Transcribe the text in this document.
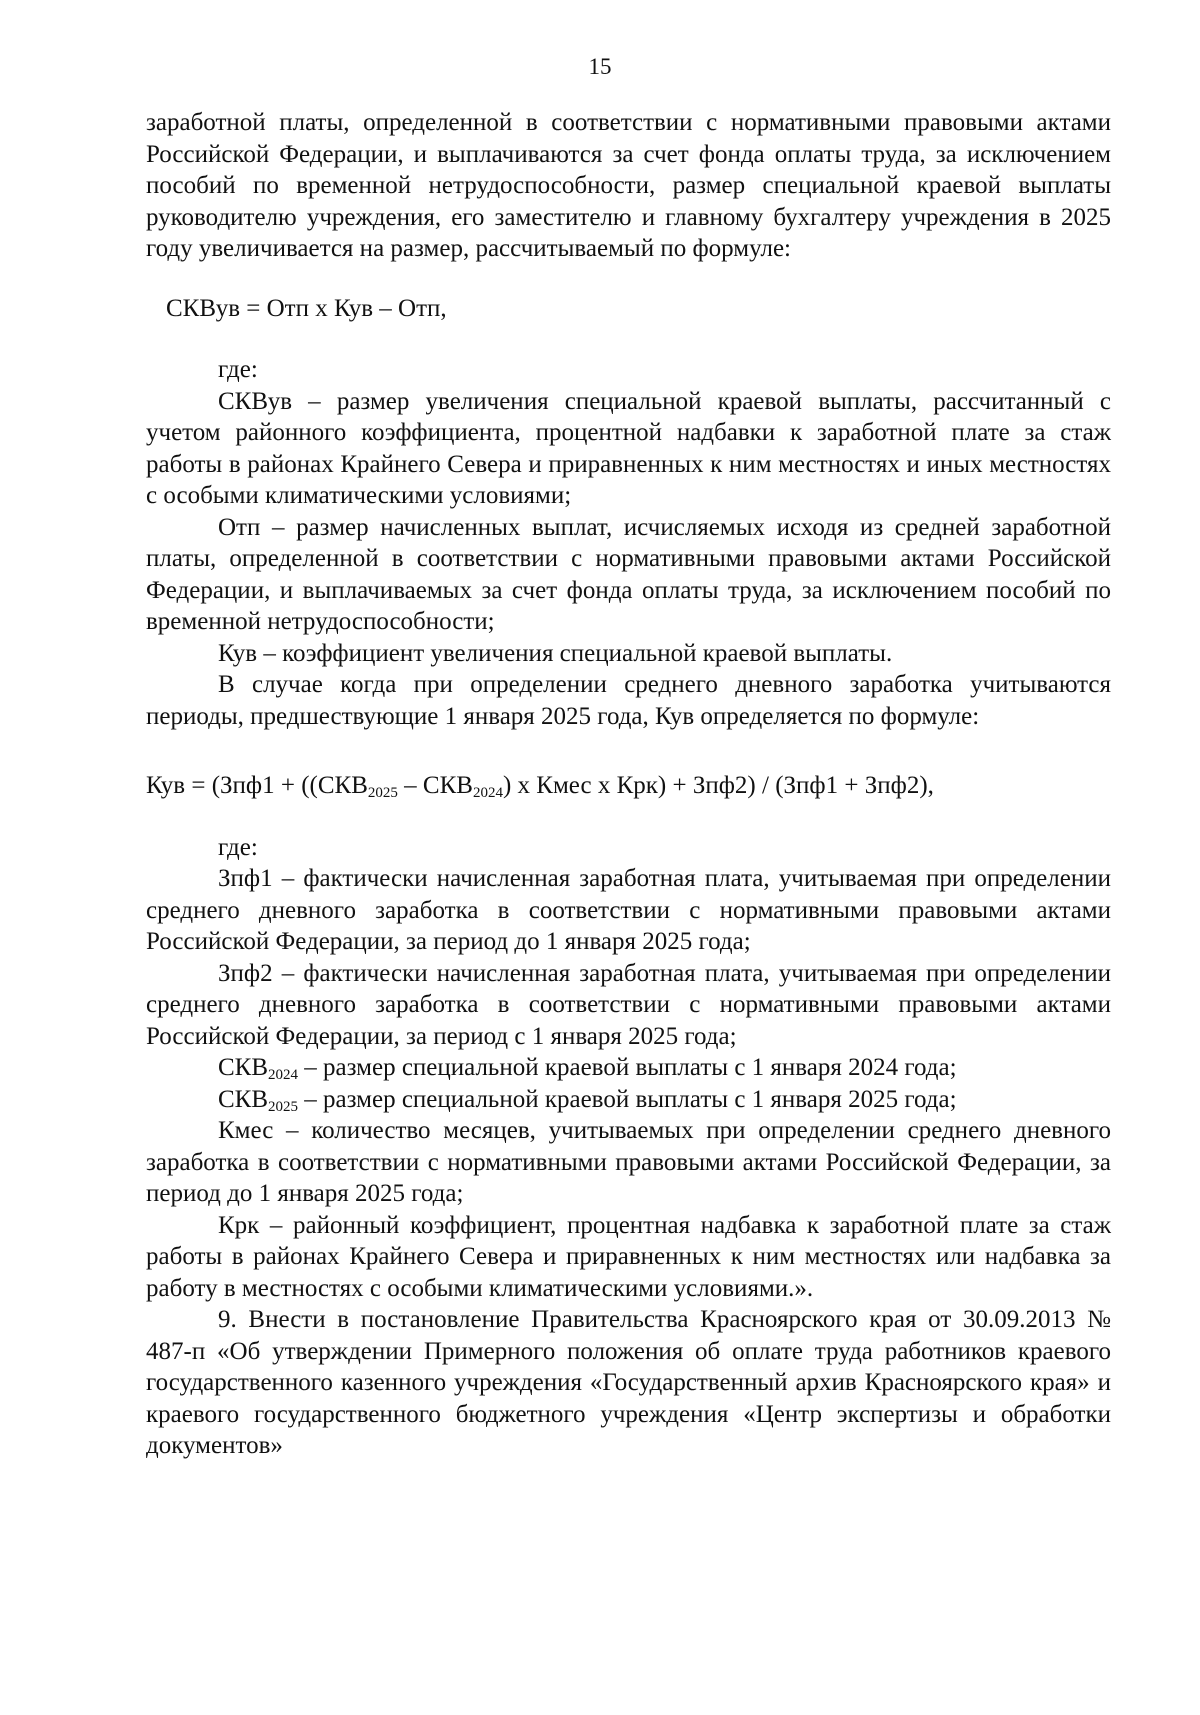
15

заработной платы, определенной в соответствии с нормативными правовыми актами Российской Федерации, и выплачиваются за счет фонда оплаты труда, за исключением пособий по временной нетрудоспособности, размер специальной краевой выплаты руководителю учреждения, его заместителю и главному бухгалтеру учреждения в 2025 году увеличивается на размер, рассчитываемый по формуле:

СКВув = Отп х Кув – Отп,

где:

СКВув – размер увеличения специальной краевой выплаты, рассчитанный с учетом районного коэффициента, процентной надбавки к заработной плате за стаж работы в районах Крайнего Севера и приравненных к ним местностях и иных местностях с особыми климатическими условиями;

Отп – размер начисленных выплат, исчисляемых исходя из средней заработной платы, определенной в соответствии с нормативными правовыми актами Российской Федерации, и выплачиваемых за счет фонда оплаты труда, за исключением пособий по временной нетрудоспособности;

Кув – коэффициент увеличения специальной краевой выплаты.

В случае когда при определении среднего дневного заработка учитываются периоды, предшествующие 1 января 2025 года, Кув определяется по формуле:

Кув = ($Зпф1 + ((СКВ_{2025} - СКВ_{2024})$ х Кмес х Крк) + Зпф2) / (Зпф1 + Зпф2),

где:

Зпф1 – фактически начисленная заработная плата, учитываемая при определении среднего дневного заработка в соответствии с нормативными правовыми актами Российской Федерации, за период до 1 января 2025 года;

Зпф2 – фактически начисленная заработная плата, учитываемая при определении среднего дневного заработка в соответствии с нормативными правовыми актами Российской Федерации, за период с 1 января 2025 года;

$СКВ_{2024}$ – размер специальной краевой выплаты с 1 января 2024 года;

$СКВ_{2025}$ – размер специальной краевой выплаты с 1 января 2025 года;

Кмес – количество месяцев, учитываемых при определении среднего дневного заработка в соответствии с нормативными правовыми актами Российской Федерации, за период до 1 января 2025 года;

Крк – районный коэффициент, процентная надбавка к заработной плате за стаж работы в районах Крайнего Севера и приравненных к ним местностях или надбавка за работу в местностях с особыми климатическими условиями.».

9. Внести в постановление Правительства Красноярского края от 30.09.2013 № 487-п «Об утверждении Примерного положения об оплате труда работников краевого государственного казенного учреждения «Государственный архив Красноярского края» и краевого государственного бюджетного учреждения «Центр экспертизы и обработки документов»
